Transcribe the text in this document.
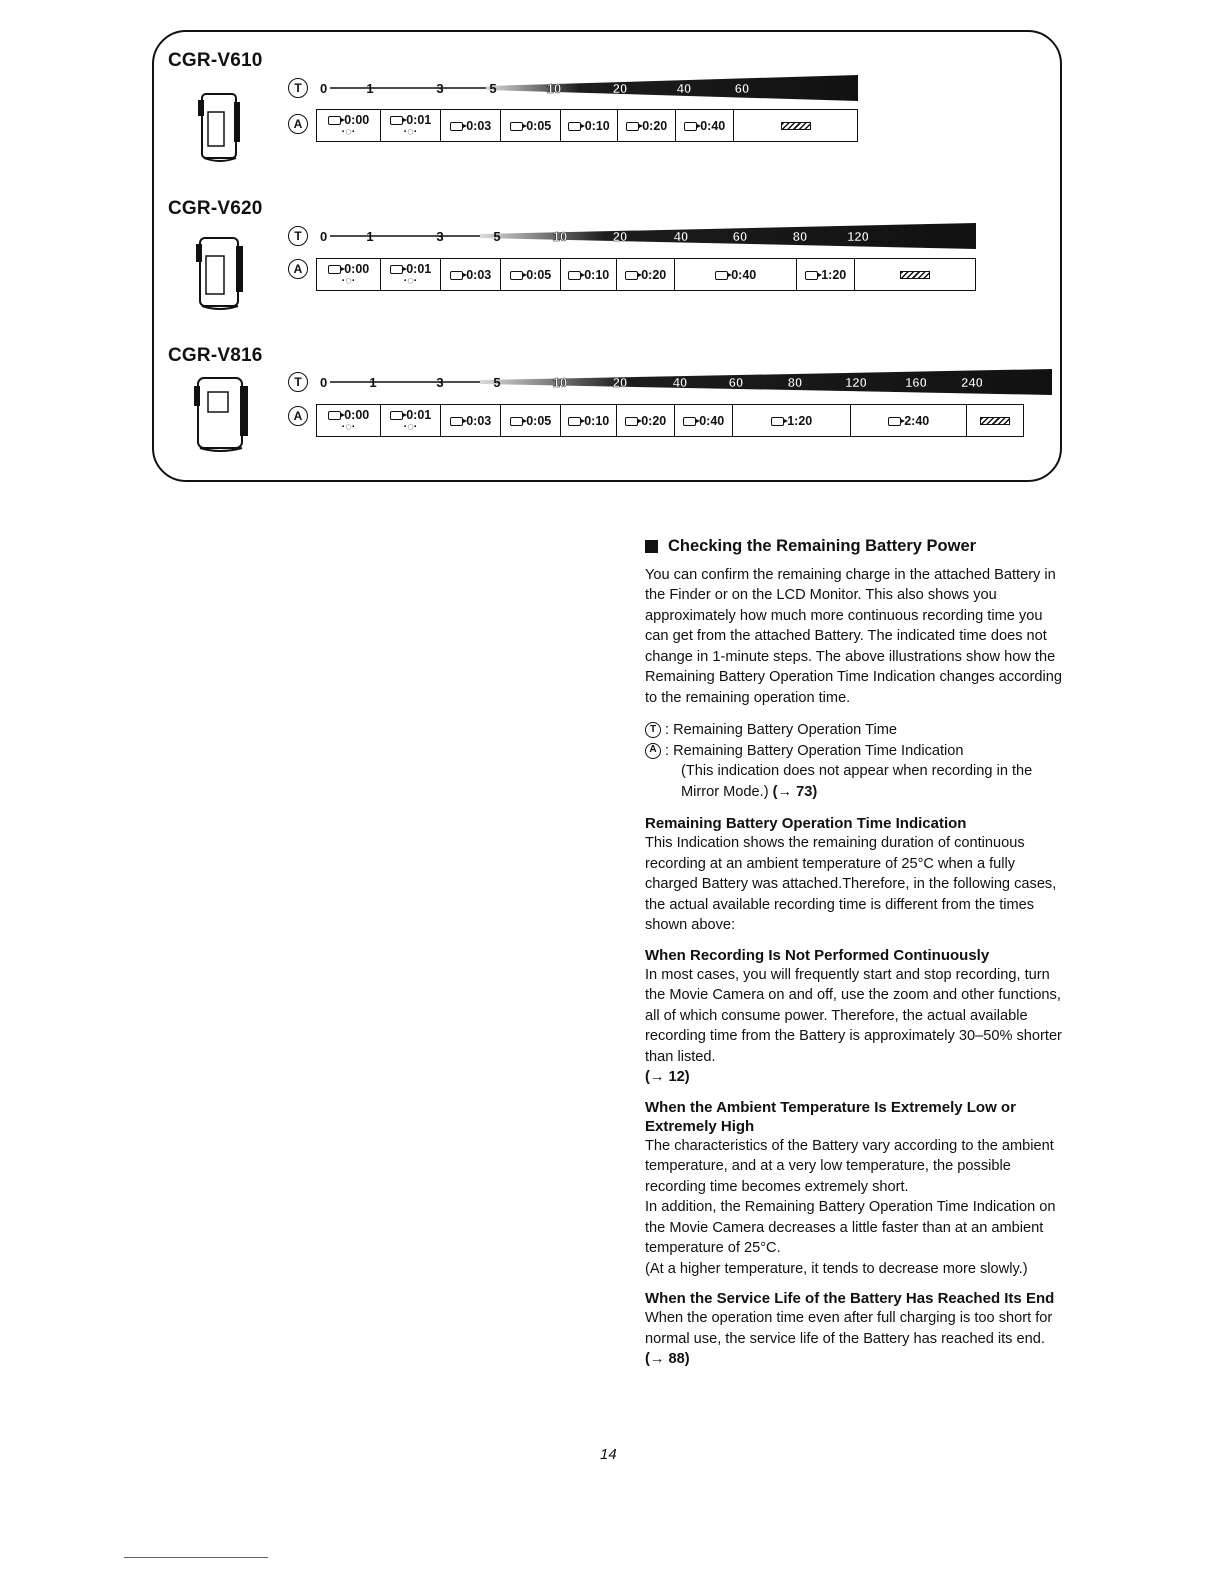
CGR-V610
T
A
0	1	3	5	10	20	40	60
0:00
·◌·
0:01
·◌·	0:03	0:05	0:10	0:20	0:40
CGR-V620
T
A
0	1	3	5	10	20	40	60	80	120
0:00
·◌·
0:01
·◌·	0:03	0:05	0:10	0:20	0:40	1:20
CGR-V816
T
A
0	1	3	5	10	20	40	60	80	120	160	240
0:00
·◌·
0:01
·◌·	0:03	0:05	0:10	0:20	0:40	1:20	2:40
Checking the Remaining Battery Power

You can confirm the remaining charge in the attached Battery in the Finder or on the LCD Monitor. This also shows you approximately how much more continuous recording time you can get from the attached Battery. The indicated time does not change in 1-minute steps. The above illustrations show how the Remaining Battery Operation Time Indication changes according to the remaining operation time.

T : Remaining Battery Operation Time
A : Remaining Battery Operation Time Indication
(This indication does not appear when recording in the Mirror Mode.) (→ 73)

Remaining Battery Operation Time Indication

This Indication shows the remaining duration of continuous recording at an ambient temperature of 25°C when a fully charged Battery was attached.Therefore, in the following cases, the actual available recording time is different from the times shown above:

When Recording Is Not Performed Continuously

In most cases, you will frequently start and stop recording, turn the Movie Camera on and off, use the zoom and other functions, all of which consume power. Therefore, the actual available recording time from the Battery is approximately 30–50% shorter than listed.

(→ 12)

When the Ambient Temperature Is Extremely Low or Extremely High

The characteristics of the Battery vary according to the ambient temperature, and at a very low temperature, the possible recording time becomes extremely short.

In addition, the Remaining Battery Operation Time Indication on the Movie Camera decreases a little faster than at an ambient temperature of 25°C.

(At a higher temperature, it tends to decrease more slowly.)

When the Service Life of the Battery Has Reached Its End

When the operation time even after full charging is too short for normal use, the service life of the Battery has reached its end. (→ 88)

14
